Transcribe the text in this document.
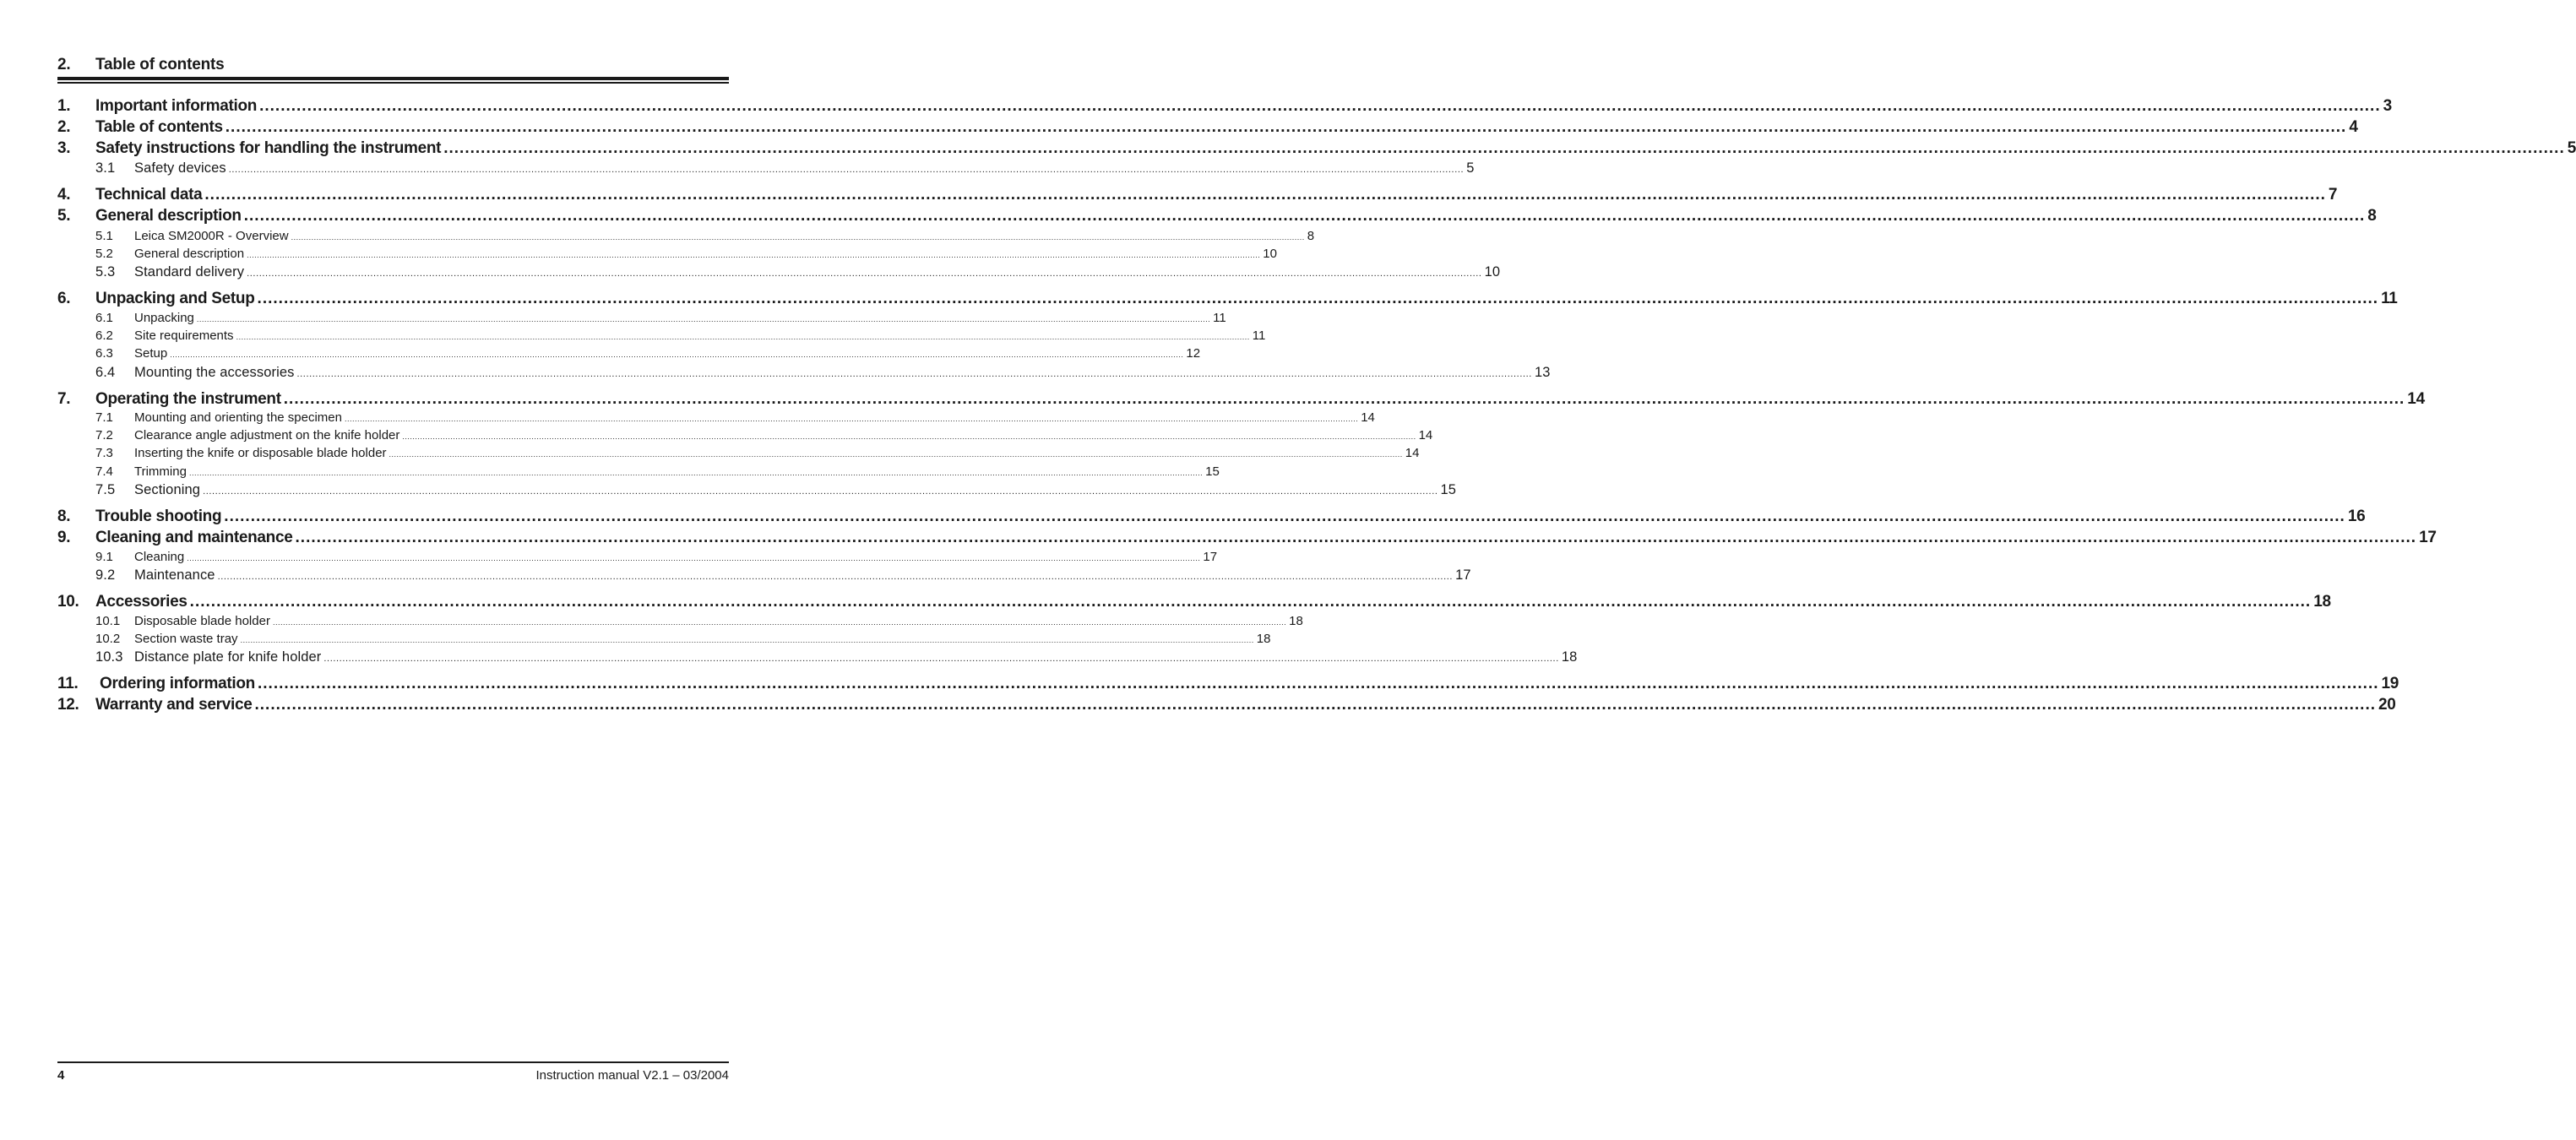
2. Table of contents
1.	Important information ................................................................................................................................................................................................................................................................................................................................................................................................................ 3
2.	Table of contents ................................................................................................................................................................................................................................................................................................................................................................................................................ 4
3.	Safety instructions for handling the instrument ................................................................................................................................................................................................................................................................................................................................................................................................................ 5
3.1	Safety devices ................................................................................................................................................................................................................................................................................................................................................................................................................ 5
4.	Technical data ................................................................................................................................................................................................................................................................................................................................................................................................................ 7
5.	General description ................................................................................................................................................................................................................................................................................................................................................................................................................ 8
5.1	Leica SM2000R - Overview ................................................................................................................................................................................................................................................................................................................................................................................................................ 8
5.2	General description ................................................................................................................................................................................................................................................................................................................................................................................................................ 10
5.3	Standard delivery ................................................................................................................................................................................................................................................................................................................................................................................................................ 10
6.	Unpacking and Setup ................................................................................................................................................................................................................................................................................................................................................................................................................ 11
6.1	Unpacking ................................................................................................................................................................................................................................................................................................................................................................................................................ 11
6.2	Site requirements ................................................................................................................................................................................................................................................................................................................................................................................................................ 11
6.3	Setup ................................................................................................................................................................................................................................................................................................................................................................................................................ 12
6.4	Mounting the accessories ................................................................................................................................................................................................................................................................................................................................................................................................................ 13
7.	Operating the instrument ................................................................................................................................................................................................................................................................................................................................................................................................................ 14
7.1	Mounting and orienting the specimen ................................................................................................................................................................................................................................................................................................................................................................................................................ 14
7.2	Clearance angle adjustment on the knife holder ................................................................................................................................................................................................................................................................................................................................................................................................................ 14
7.3	Inserting the knife or disposable blade holder ................................................................................................................................................................................................................................................................................................................................................................................................................ 14
7.4	Trimming ................................................................................................................................................................................................................................................................................................................................................................................................................ 15
7.5	Sectioning ................................................................................................................................................................................................................................................................................................................................................................................................................ 15
8.	Trouble shooting ................................................................................................................................................................................................................................................................................................................................................................................................................ 16
9.	Cleaning and maintenance ................................................................................................................................................................................................................................................................................................................................................................................................................ 17
9.1	Cleaning ................................................................................................................................................................................................................................................................................................................................................................................................................ 17
9.2	Maintenance ................................................................................................................................................................................................................................................................................................................................................................................................................ 17
10.	Accessories ................................................................................................................................................................................................................................................................................................................................................................................................................ 18
10.1	Disposable blade holder ................................................................................................................................................................................................................................................................................................................................................................................................................ 18
10.2	Section waste tray ................................................................................................................................................................................................................................................................................................................................................................................................................ 18
10.3 Distance plate for knife holder ................................................................................................................................................................................................................................................................................................................................................................................................................ 18
11.	Ordering information ................................................................................................................................................................................................................................................................................................................................................................................................................ 19
12.	Warranty and service ................................................................................................................................................................................................................................................................................................................................................................................................................ 20
4	Instruction manual V2.1 – 03/2004
